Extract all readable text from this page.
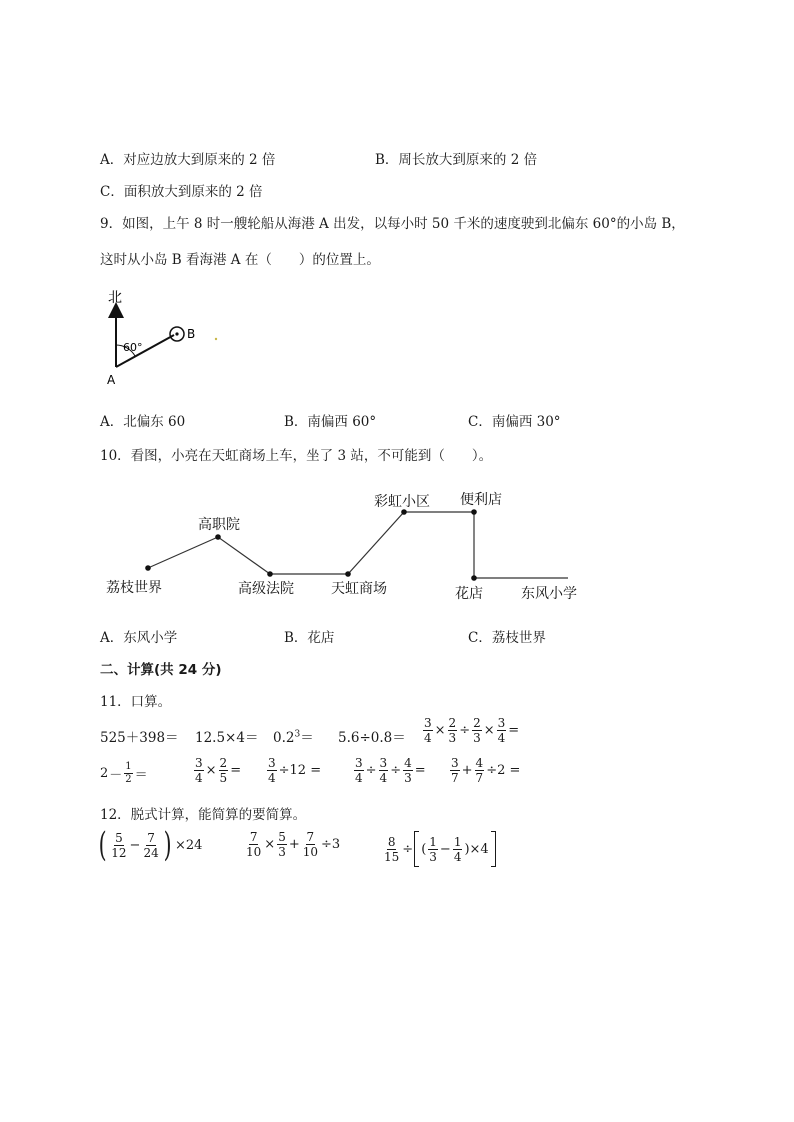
A．对应边放大到原来的 2 倍	B．周长放大到原来的 2 倍
C．面积放大到原来的 2 倍
9．如图，上午 8 时一艘轮船从海港 A 出发，以每小时 50 千米的速度驶到北偏东 60°的小岛 B，
这时从小岛 B 看海港 A 在（　　）的位置上。
北
60°
B
A
A．北偏东 60	B．南偏西 60°	C．南偏西 30°
10．看图，小亮在天虹商场上车，坐了 3 站，不可能到（　　）。
荔枝世界
高职院
高级法院	天虹商场
彩虹小区 便利店
花店	东风小学
A．东风小学	B．花店	C．荔枝世界
二、计算(共 24 分)
11．口算。
$525+398= 12.5\times 4= 0.2^3= 5.6\div 0.8= \frac{3}{4} \times \frac{2}{3} \div \frac{2}{3} \times \frac{3}{4}$ =
$2 - \frac{1}{2}$ ＝	$\frac{3}{4} \times \frac{2}{5} = \frac{3}{4} \div 12$ =	$\frac{3}{4} \div \frac{3}{4} \div \frac{4}{3} = \frac{3}{7} + \frac{4}{7} \div 2$ =
12．脱式计算，能简算的要简算。
( $\frac{5}{12} - \frac{7}{24}$ ) ×24	$\frac{7}{10} \times \frac{5}{3} + \frac{7}{10} \div 3$	$\frac{8}{15}$ ÷ ( $\frac{1}{3} - \frac{1}{4} )\times 4$
